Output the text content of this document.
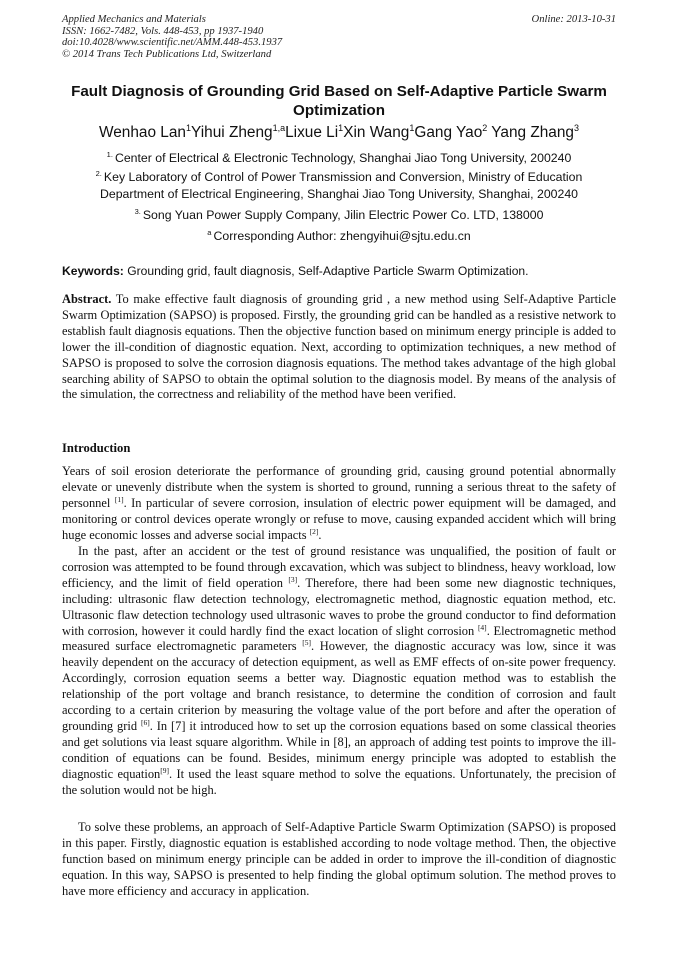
Applied Mechanics and Materials
ISSN: 1662-7482, Vols. 448-453, pp 1937-1940
doi:10.4028/www.scientific.net/AMM.448-453.1937
© 2014 Trans Tech Publications Ltd, Switzerland
Online: 2013-10-31
Fault Diagnosis of Grounding Grid Based on Self-Adaptive Particle Swarm Optimization
Wenhao Lan$^1$Yihui Zheng$^{1,a}$Lixue Li$^1$Xin Wang$^1$Gang Yao$^2$ Yang Zhang$^3$
$^{1.}$ Center of Electrical & Electronic Technology, Shanghai Jiao Tong University, 200240
$^{2.}$ Key Laboratory of Control of Power Transmission and Conversion, Ministry of Education Department of Electrical Engineering, Shanghai Jiao Tong University, Shanghai, 200240
$^{3.}$ Song Yuan Power Supply Company, Jilin Electric Power Co. LTD, 138000
$^a$ Corresponding Author: zhengyihui@sjtu.edu.cn
Keywords: Grounding grid, fault diagnosis, Self-Adaptive Particle Swarm Optimization.
Abstract. To make effective fault diagnosis of grounding grid , a new method using Self-Adaptive Particle Swarm Optimization (SAPSO) is proposed. Firstly, the grounding grid can be handled as a resistive network to establish fault diagnosis equations. Then the objective function based on minimum energy principle is added to lower the ill-condition of diagnostic equation. Next, according to optimization techniques, a new method of SAPSO is proposed to solve the corrosion diagnosis equations. The method takes advantage of the high global searching ability of SAPSO to obtain the optimal solution to the diagnosis model. By means of the analysis of the simulation, the correctness and reliability of the method have been verified.
Introduction
Years of soil erosion deteriorate the performance of grounding grid, causing ground potential abnormally elevate or unevenly distribute when the system is shorted to ground, running a serious threat to the safety of personnel [1]. In particular of severe corrosion, insulation of electric power equipment will be damaged, and monitoring or control devices operate wrongly or refuse to move, causing expanded accident which will bring huge economic losses and adverse social impacts [2].
In the past, after an accident or the test of ground resistance was unqualified, the position of fault or corrosion was attempted to be found through excavation, which was subject to blindness, heavy workload, low efficiency, and the limit of field operation [3]. Therefore, there had been some new diagnostic techniques, including: ultrasonic flaw detection technology, electromagnetic method, diagnostic equation method, etc. Ultrasonic flaw detection technology used ultrasonic waves to probe the ground conductor to find deformation with corrosion, however it could hardly find the exact location of slight corrosion [4]. Electromagnetic method measured surface electromagnetic parameters [5]. However, the diagnostic accuracy was low, since it was heavily dependent on the accuracy of detection equipment, as well as EMF effects of on-site power frequency. Accordingly, corrosion equation seems a better way. Diagnostic equation method was to establish the relationship of the port voltage and branch resistance, to determine the condition of corrosion and fault according to a certain criterion by measuring the voltage value of the port before and after the operation of grounding grid [6]. In [7] it introduced how to set up the corrosion equations based on some classical theories and get solutions via least square algorithm. While in [8], an approach of adding test points to improve the ill-condition of equations can be found. Besides, minimum energy principle was adopted to establish the diagnostic equation[9]. It used the least square method to solve the equations. Unfortunately, the precision of the solution would not be high.
To solve these problems, an approach of Self-Adaptive Particle Swarm Optimization (SAPSO) is proposed in this paper. Firstly, diagnostic equation is established according to node voltage method. Then, the objective function based on minimum energy principle can be added in order to improve the ill-condition of diagnostic equation. In this way, SAPSO is presented to help finding the global optimum solution. The method proves to have more efficiency and accuracy in application.
